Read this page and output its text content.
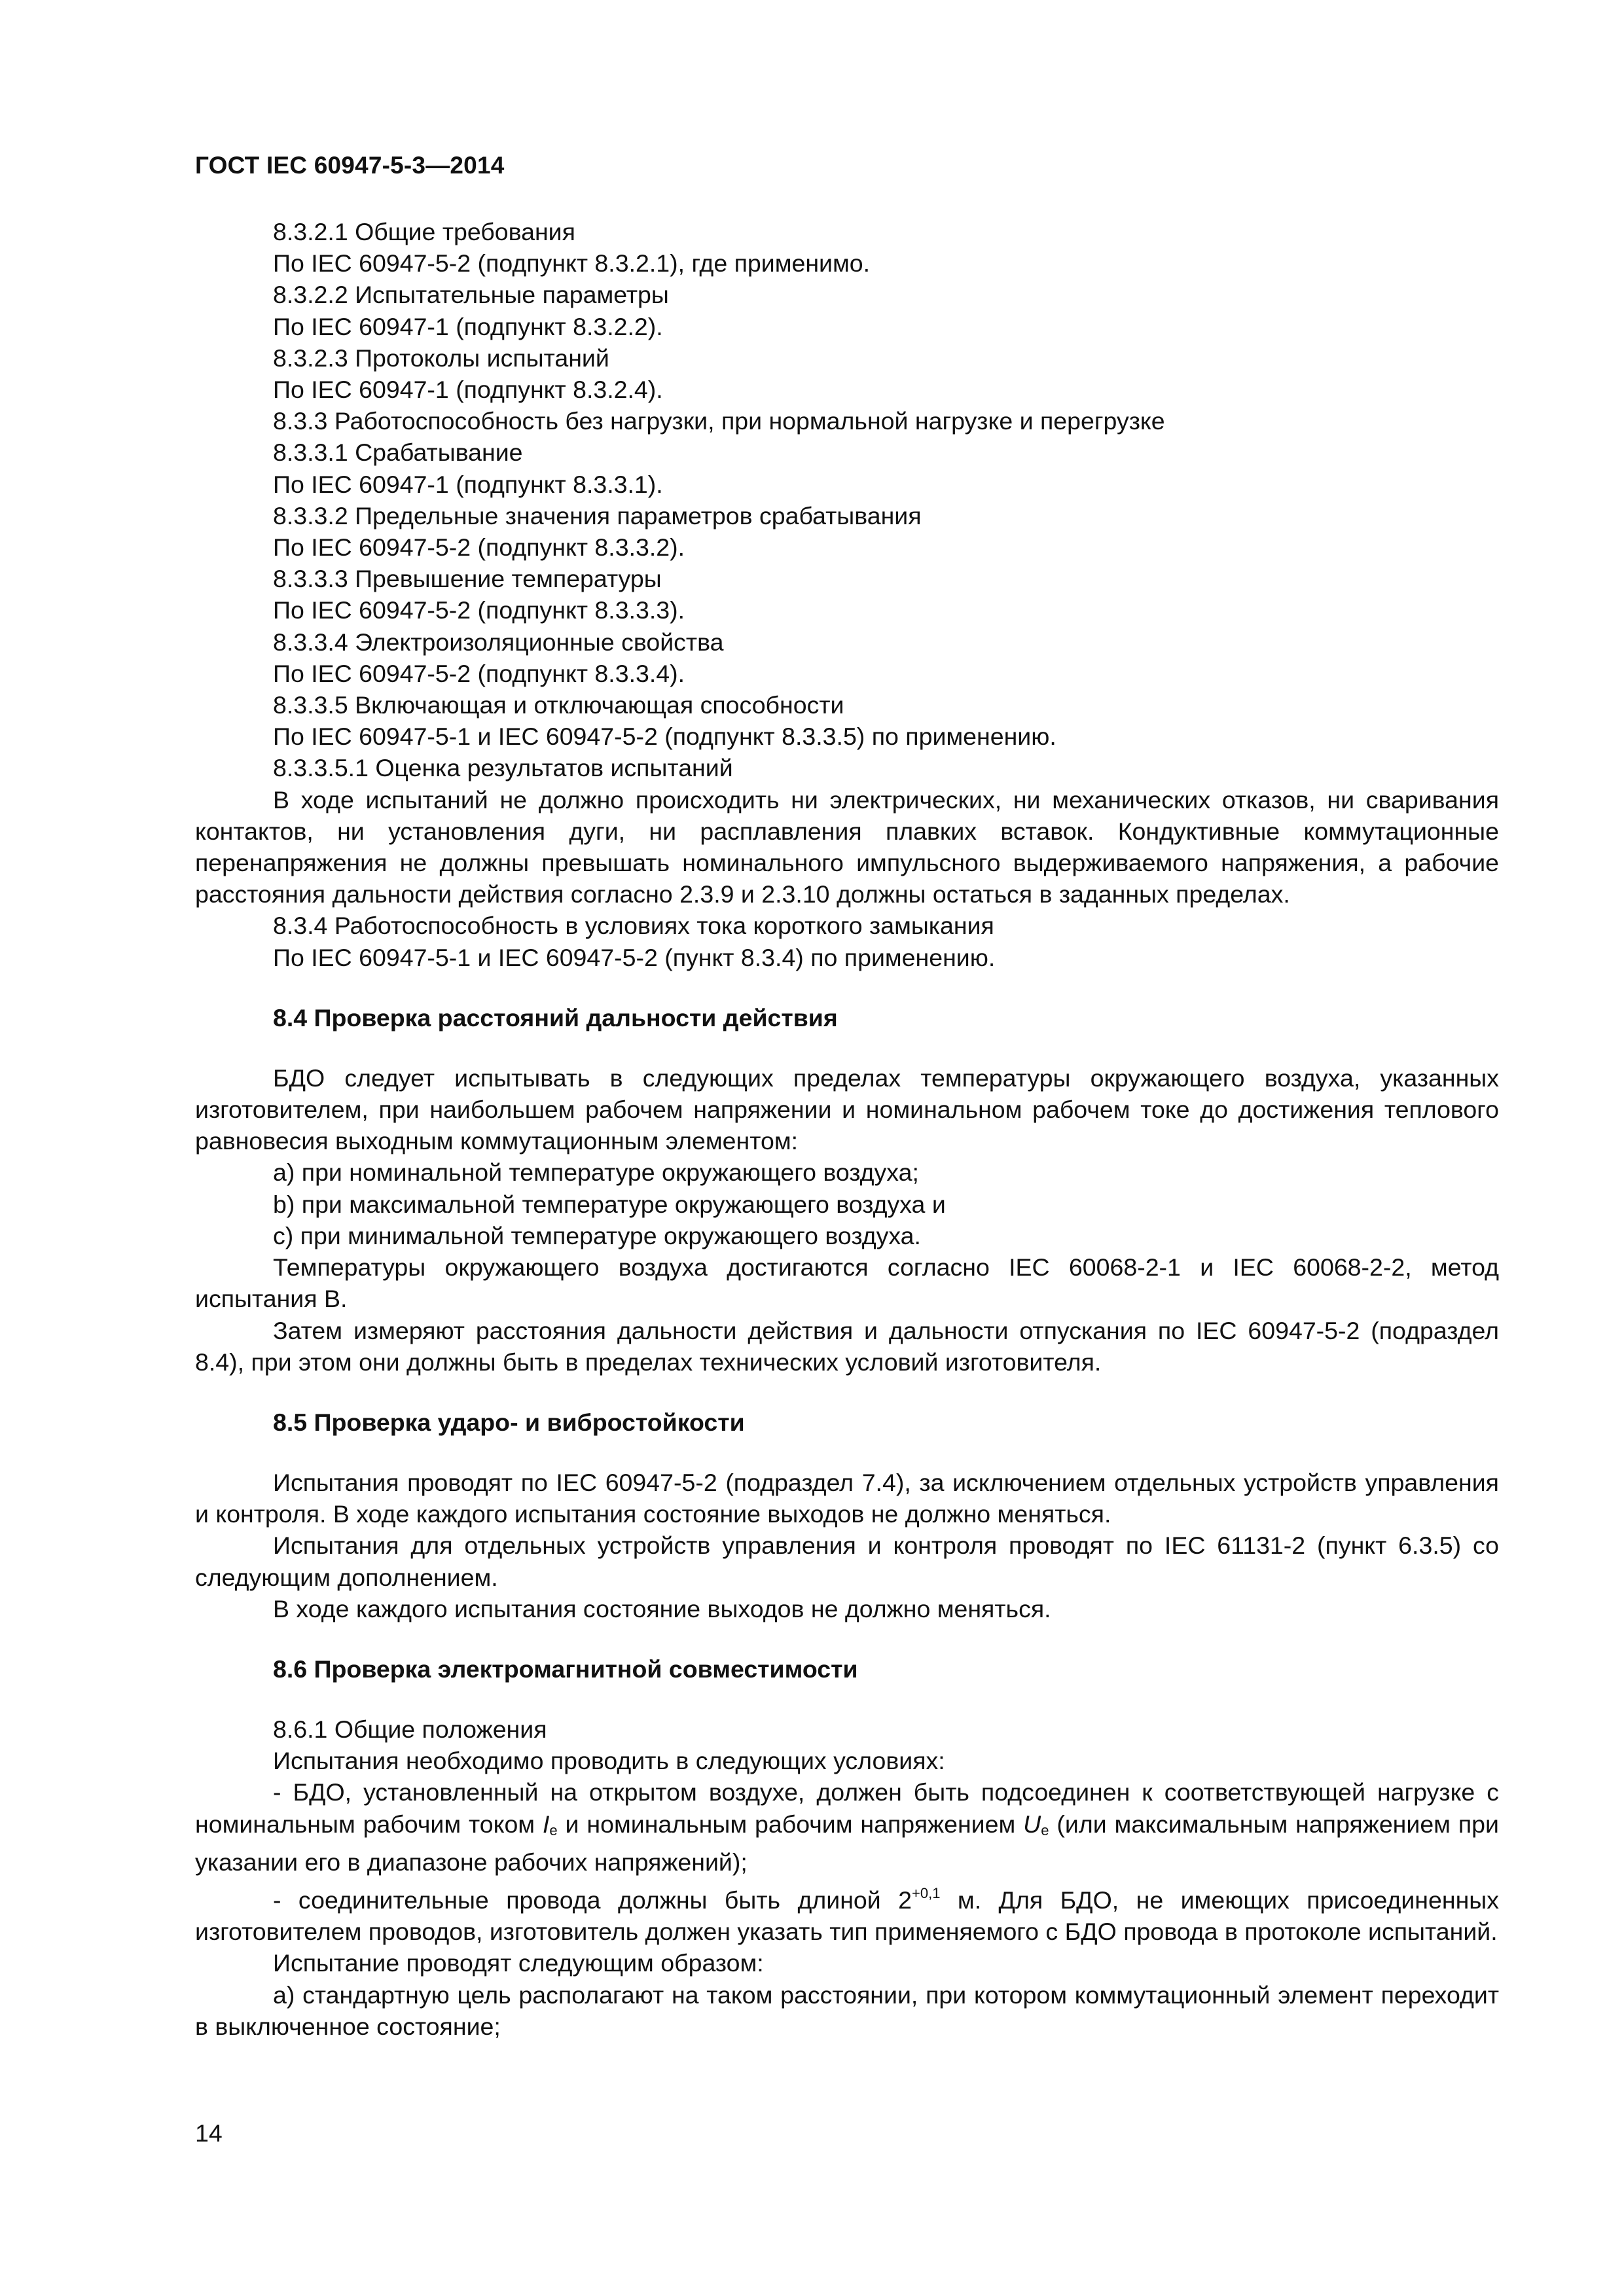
ГОСТ IEC 60947-5-3—2014

8.3.2.1 Общие требования

По IEC 60947-5-2 (подпункт 8.3.2.1), где применимо.

8.3.2.2 Испытательные параметры

По IEC 60947-1 (подпункт 8.3.2.2).

8.3.2.3 Протоколы испытаний

По IEC 60947-1 (подпункт 8.3.2.4).

8.3.3 Работоспособность без нагрузки, при нормальной нагрузке и перегрузке

8.3.3.1 Срабатывание

По IEC 60947-1 (подпункт 8.3.3.1).

8.3.3.2 Предельные значения параметров срабатывания

По IEC 60947-5-2 (подпункт 8.3.3.2).

8.3.3.3 Превышение температуры

По IEC 60947-5-2 (подпункт 8.3.3.3).

8.3.3.4 Электроизоляционные свойства

По IEC 60947-5-2 (подпункт 8.3.3.4).

8.3.3.5 Включающая и отключающая способности

По IEC 60947-5-1 и IEC 60947-5-2 (подпункт 8.3.3.5) по применению.

8.3.3.5.1 Оценка результатов испытаний

В ходе испытаний не должно происходить ни электрических, ни механических отказов, ни сваривания контактов, ни установления дуги, ни расплавления плавких вставок. Кондуктивные коммутационные перенапряжения не должны превышать номинального импульсного выдерживаемого напряжения, а рабочие расстояния дальности действия согласно 2.3.9 и 2.3.10 должны остаться в заданных пределах.

8.3.4 Работоспособность в условиях тока короткого замыкания

По IEC 60947-5-1 и IEC 60947-5-2 (пункт 8.3.4) по применению.

8.4 Проверка расстояний дальности действия

БДО следует испытывать в следующих пределах температуры окружающего воздуха, указанных изготовителем, при наибольшем рабочем напряжении и номинальном рабочем токе до достижения теплового равновесия выходным коммутационным элементом:

a) при номинальной температуре окружающего воздуха;

b) при максимальной температуре окружающего воздуха и

c) при минимальной температуре окружающего воздуха.

Температуры окружающего воздуха достигаются согласно IEC 60068-2-1 и IEC 60068-2-2, метод испытания В.

Затем измеряют расстояния дальности действия и дальности отпускания по IEC 60947-5-2 (подраздел 8.4), при этом они должны быть в пределах технических условий изготовителя.

8.5 Проверка ударо- и вибростойкости

Испытания проводят по IEC 60947-5-2 (подраздел 7.4), за исключением отдельных устройств управления и контроля. В ходе каждого испытания состояние выходов не должно меняться.

Испытания для отдельных устройств управления и контроля проводят по IEC 61131-2 (пункт 6.3.5) со следующим дополнением.

В ходе каждого испытания состояние выходов не должно меняться.

8.6 Проверка электромагнитной совместимости

8.6.1 Общие положения

Испытания необходимо проводить в следующих условиях:

- БДО, установленный на открытом воздухе, должен быть подсоединен к соответствующей нагрузке с номинальным рабочим током Ie и номинальным рабочим напряжением Ue (или максимальным напряжением при указании его в диапазоне рабочих напряжений);

- соединительные провода должны быть длиной $2^{+0,1}$ м. Для БДО, не имеющих присоединенных изготовителем проводов, изготовитель должен указать тип применяемого с БДО провода в протоколе испытаний.

Испытание проводят следующим образом:

a) стандартную цель располагают на таком расстоянии, при котором коммутационный элемент переходит в выключенное состояние;

14
